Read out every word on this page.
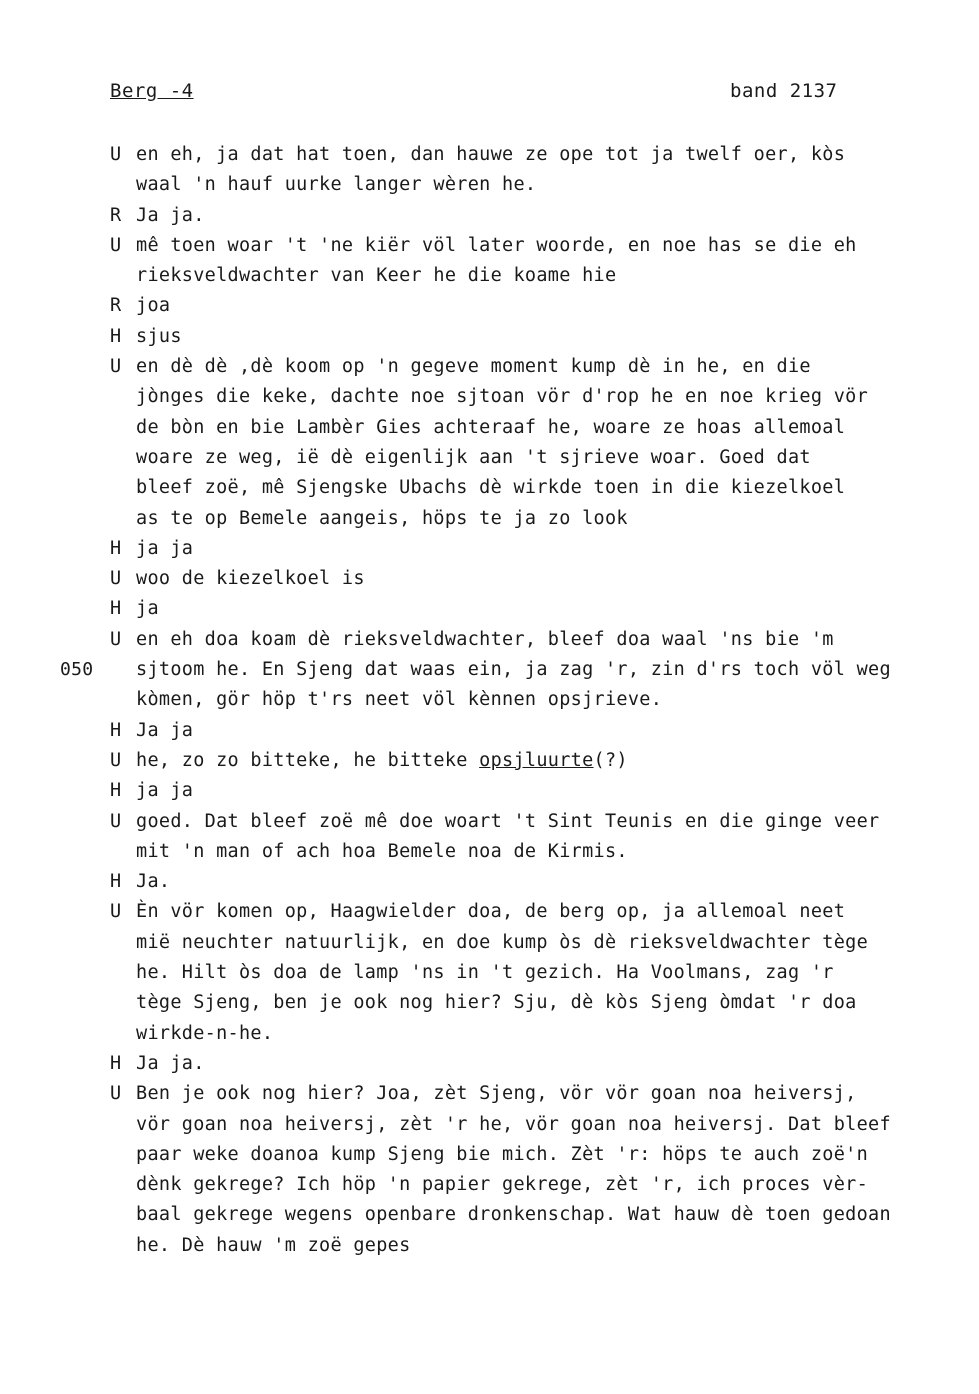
Berg -4	band 2137
U en eh, ja dat hat toen, dan hauwe ze ope tot ja twelf oer, kòs
waal 'n hauf uurke langer wèren he.
R Ja ja.
U mê toen woar 't 'ne kiër völ later woorde, en noe has se die eh
rieksveldwachter van Keer he die koame hie
R joa
H sjus
U en dè dè ,dè koom op 'n gegeve moment kump dè in he, en die
jònges die keke, dachte noe sjtoan vör d'rop he en noe krieg vör
de bòn en bie Lambèr Gies achteraaf he, woare ze hoas allemoal
woare ze weg, ië dè eigenlijk aan 't sjrieve woar. Goed dat
bleef zoë, mê Sjengske Ubachs dè wirkde toen in die kiezelkoel
as te op Bemele aangeis, höps te ja zo look
H ja ja
U woo de kiezelkoel is
H ja
U en eh doa koam dè rieksveldwachter, bleef doa waal 'ns bie 'm
050 sjtoom he. En Sjeng dat waas ein, ja zag 'r, zin d'rs toch völ weg
kòmen, gör höp t'rs neet völ kènnen opsjrieve.
H Ja ja
U he, zo zo bitteke, he bitteke opsjluurte(?)
H ja ja
U goed. Dat bleef zoë mê doe woart 't Sint Teunis en die ginge veer
mit 'n man of ach hoa Bemele noa de Kirmis.
H Ja.
U Èn vör komen op, Haagwielder doa, de berg op, ja allemoal neet
mië neuchter natuurlijk, en doe kump òs dè rieksveldwachter tège
he. Hilt òs doa de lamp 'ns in 't gezich. Ha Voolmans, zag 'r
tège Sjeng, ben je ook nog hier? Sju, dè kòs Sjeng òmdat 'r doa
wirkde-n-he.
H Ja ja.
U Ben je ook nog hier? Joa, zèt Sjeng, vör vör goan noa heiversj,
vör goan noa heiversj, zèt 'r he, vör goan noa heiversj. Dat bleef
paar weke doanoa kump Sjeng bie mich. Zèt 'r: höps te auch zoë'n
dènk gekrege? Ich höp 'n papier gekrege, zèt 'r, ich proces vèr-
baal gekrege wegens openbare dronkenschap. Wat hauw dè toen gedoan
he. Dè hauw 'm zoë gepes
